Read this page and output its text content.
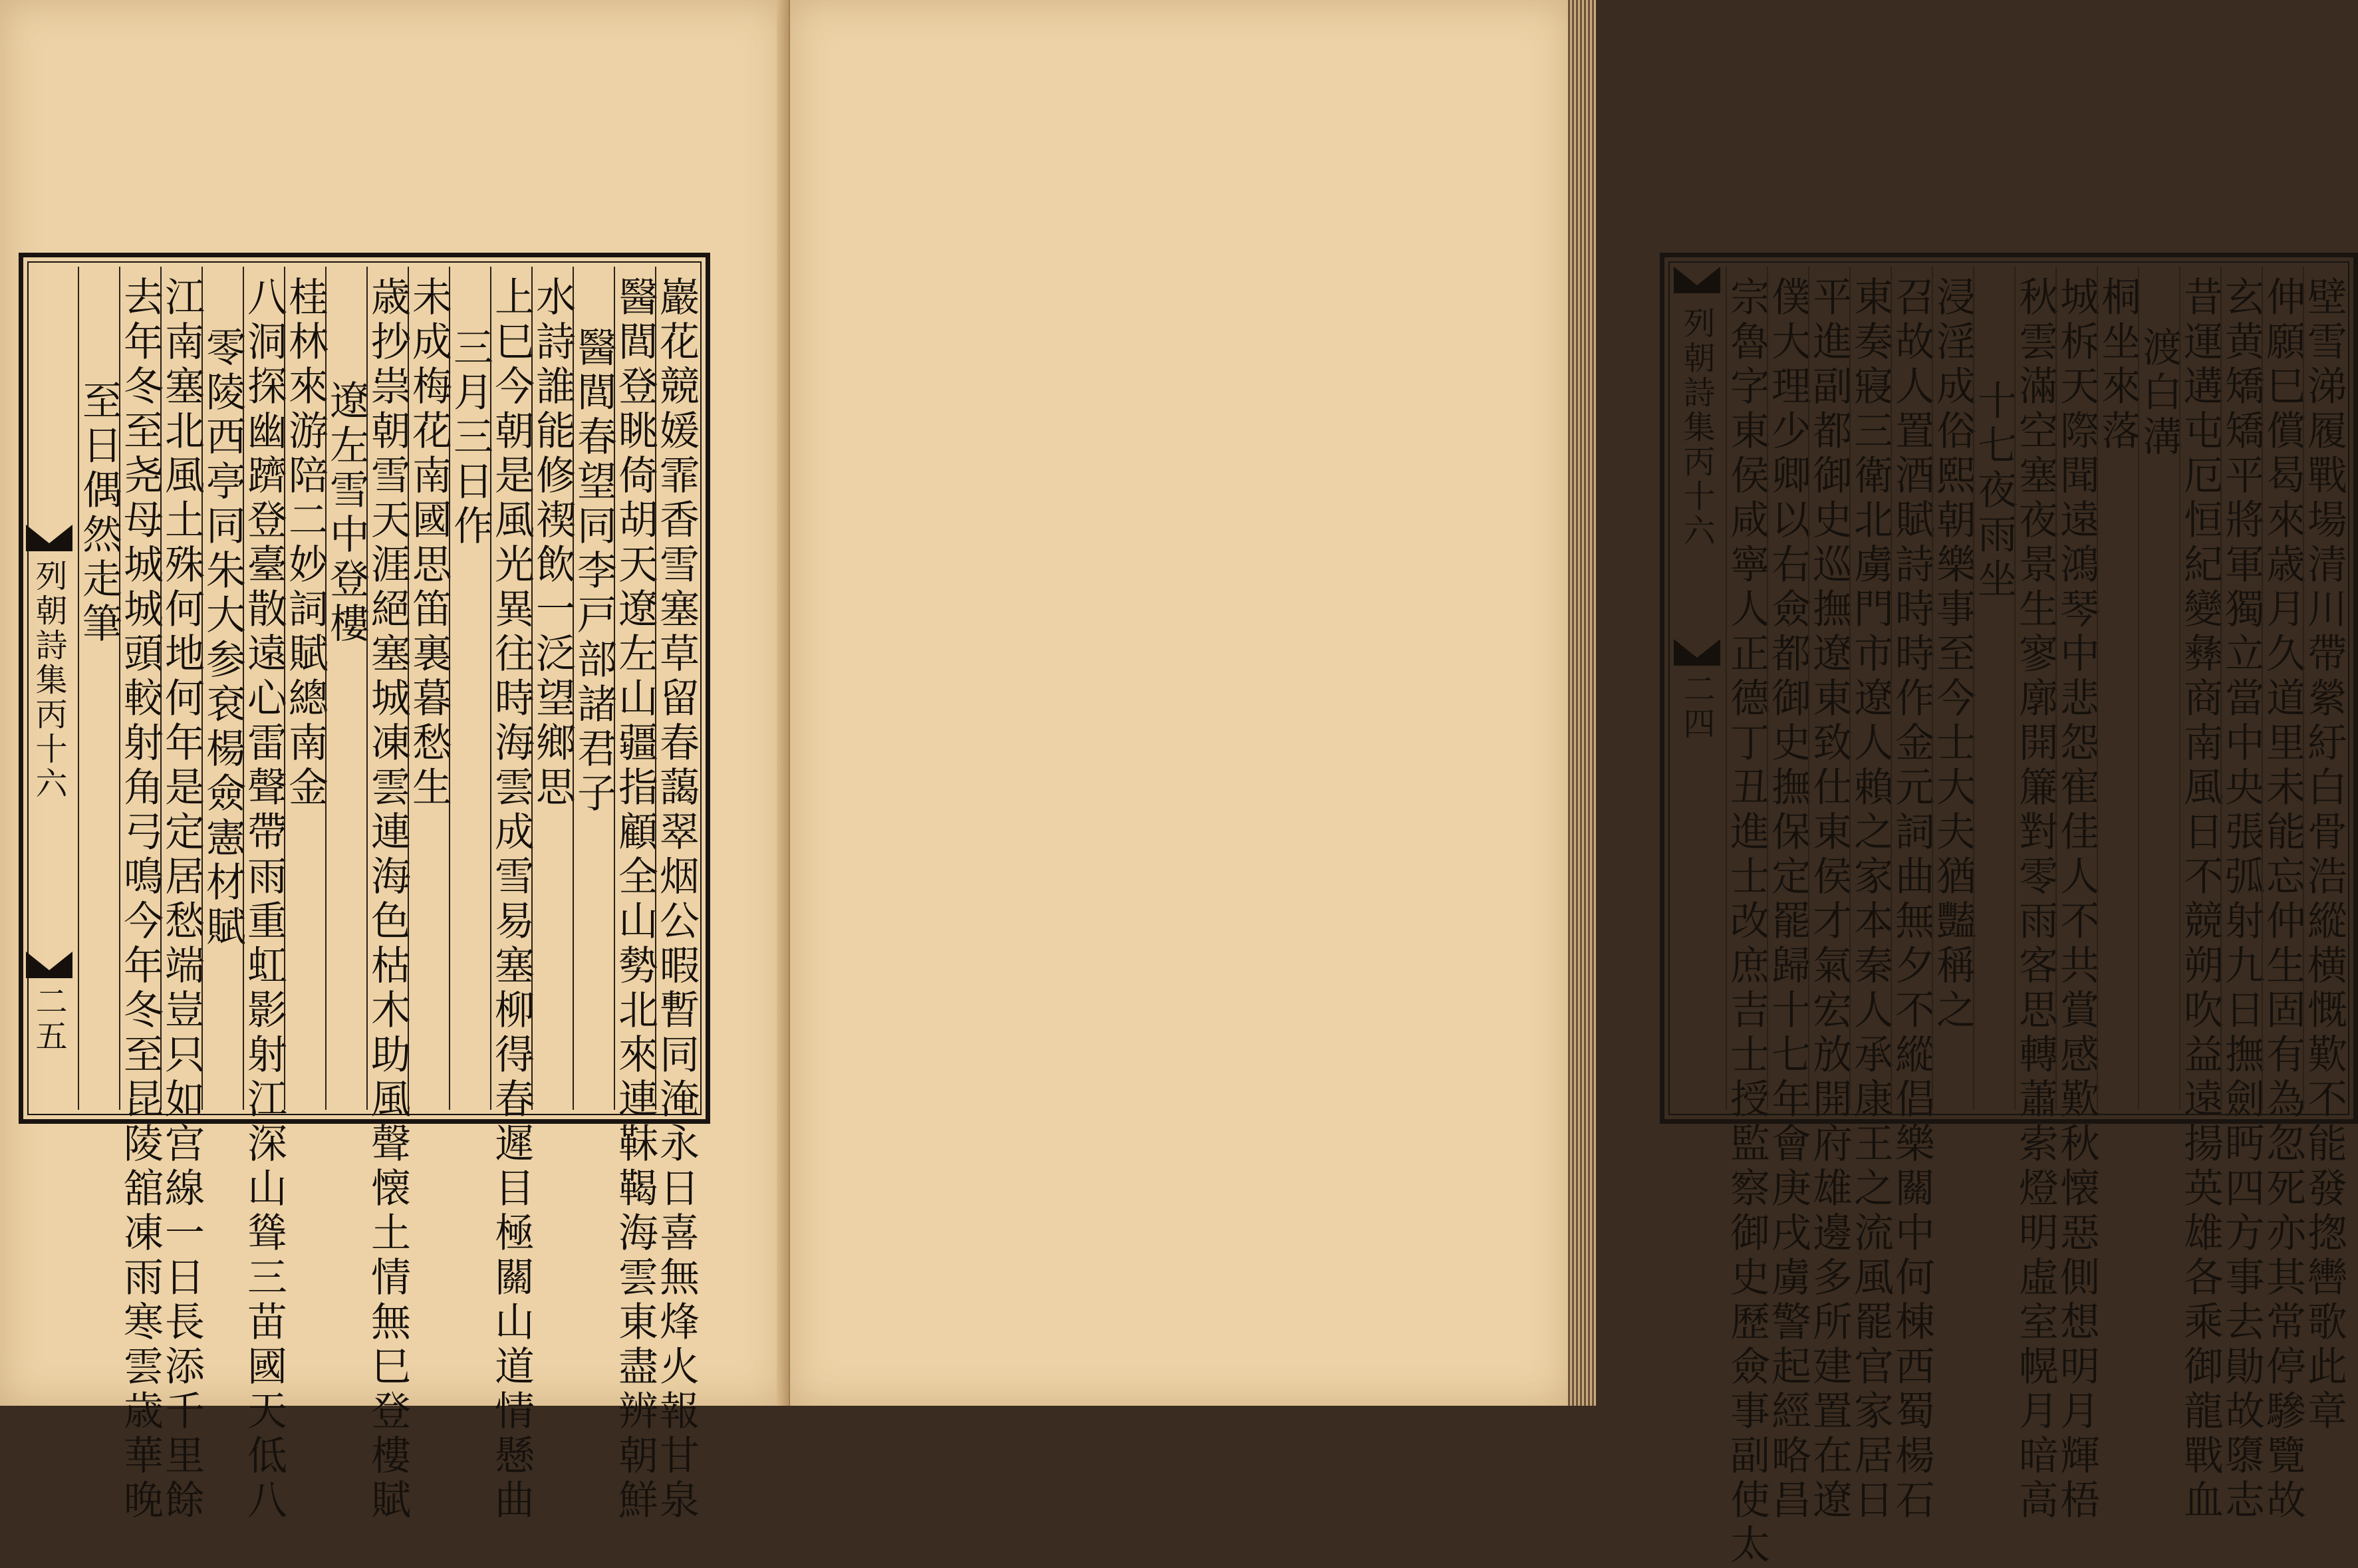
巖花競媛霏香雪塞草留春藹翠烟公暇暫同淹永日喜無烽火報甘泉
醫閭登眺倚胡天遼左山疆指顧全山勢北來連靺鞨海雲東盡辨朝鮮
醫閭春望同李戸部諸君子
水詩誰能修禊飲一泛望鄉思
上巳今朝是風光異往時海雲成雪易塞柳得春遲目極關山道情懸曲
三月三日作
未成梅花南國思笛裏暮愁生
歳抄祟朝雪天涯絕塞城凍雲連海色枯木助風聲懐土情無巳登樓賦
遼左雪中登樓
桂林來游陪二妙詞賦總南金
八洞探幽躋登臺散遠心雷聲帶雨重虹影射江深山聳三苗國天低八
零陵西亭同朱大参袞楊僉憲材賦
江南塞北風土殊何地何年是定居愁端豈只如宫線一日長添千里餘
去年冬至尧母城城頭較射角弓鳴今年冬至昆陵舘凍雨寒雲歳華晚
至日偶然走筆
列朝詩集丙十六
二五	壁雪涕履戰場清川帶縈紆白骨浩縱横慨歎不能發揔轡歌此章
伸願巳償曷來歳月久道里未能忘仲生固有為忽死亦其常停驂覽故
玄黄矯矯平將軍獨立當中央張弧射九日撫劍眄四方事去勛故隳志
昔運遘屯厄恒紀變彝商南風日不競朔吹益遠揚英雄各乘御龍戰血
渡白溝
桐坐來落
城柝天際聞遠鴻琴中悲怨寉佳人不共賞感歎秋懐惡側想明月輝梧
秋雲滿空塞夜景生寥廓開簾對零雨客思轉蕭索燈明虛室幌月暗高
十七夜雨坐
浸淫成俗熙朝樂事至今士大夫猶豔稱之
召故人置酒賦詩時時作金元詞曲無夕不縱倡樂關中何棟西蜀楊石
東奏寢三衛北虜門市遼人賴之家本秦人承康王之流風罷官家居日
平進副都御史巡撫遼東致仕東侯才氣宏放開府雄邊多所建置在遼
僕大理少卿以右僉都御史撫保定罷歸十七年會庚戌虜警起經略昌
宗魯字東侯咸寧人正德丁丑進士改庶吉士授監察御史歷僉事副使太
列朝詩集丙十六
二四
